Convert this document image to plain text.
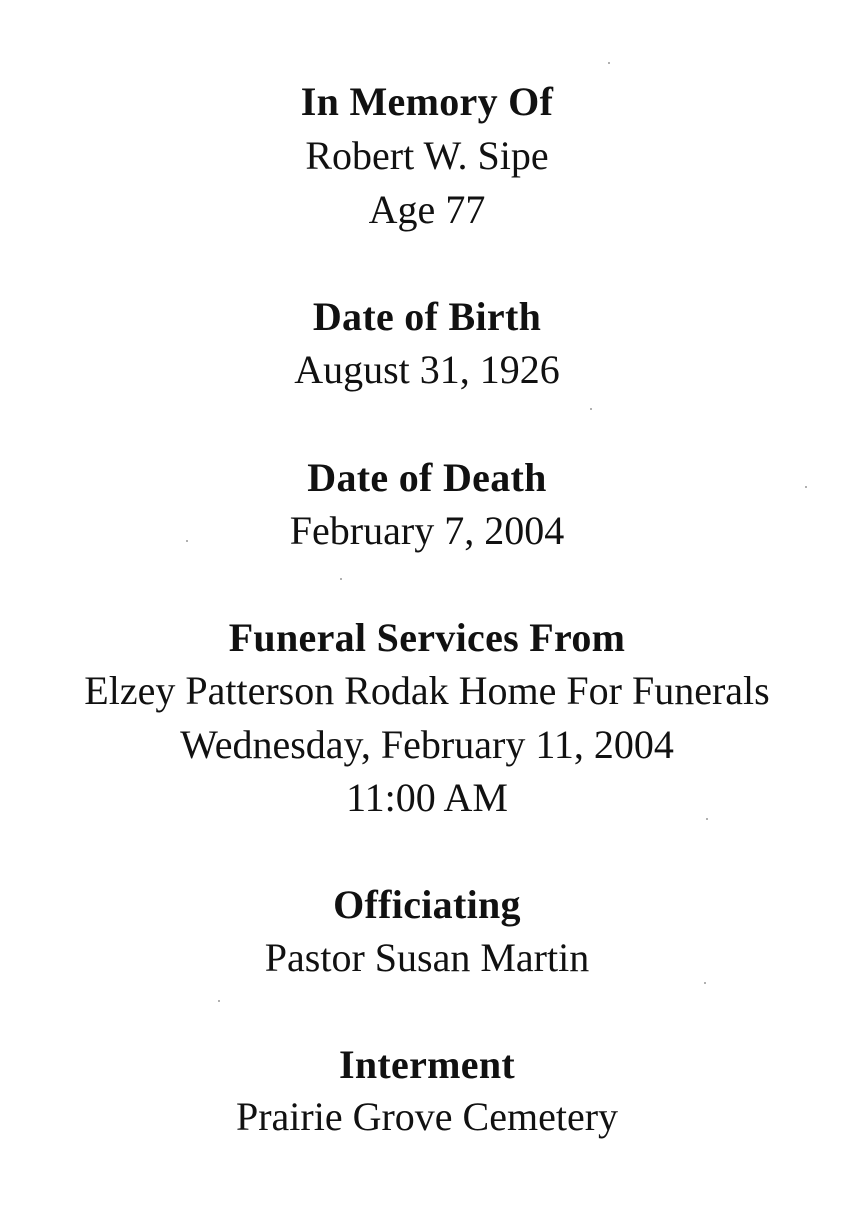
In Memory Of
Robert W. Sipe
Age 77
Date of Birth
August 31, 1926
Date of Death
February 7, 2004
Funeral Services From
Elzey Patterson Rodak Home For Funerals
Wednesday, February 11, 2004
11:00 AM
Officiating
Pastor Susan Martin
Interment
Prairie Grove Cemetery
